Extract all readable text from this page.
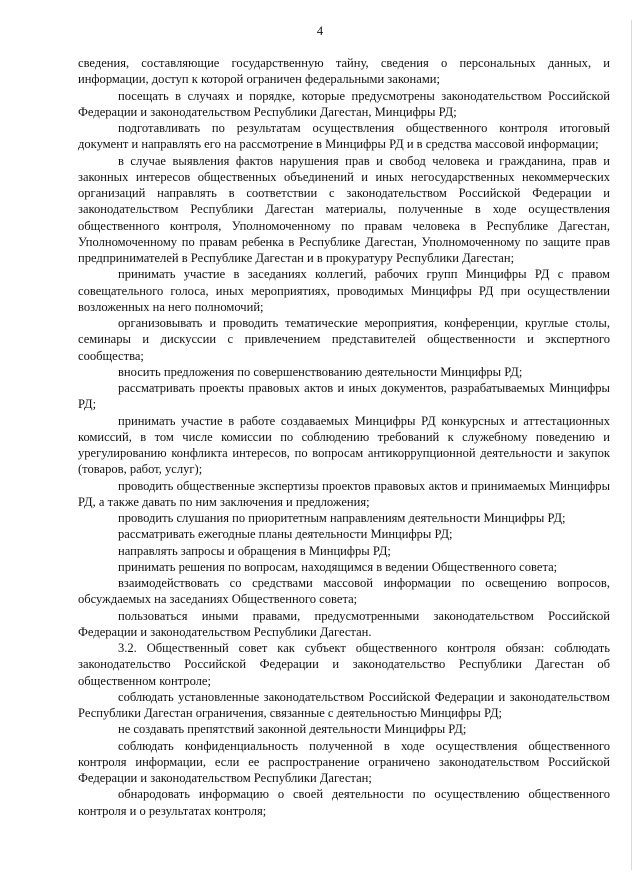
4

сведения, составляющие государственную тайну, сведения о персональных данных, и информации, доступ к которой ограничен федеральными законами;

посещать в случаях и порядке, которые предусмотрены законодательством Российской Федерации и законодательством Республики Дагестан, Минцифры РД;

подготавливать по результатам осуществления общественного контроля итоговый документ и направлять его на рассмотрение в Минцифры РД и в средства массовой информации;

в случае выявления фактов нарушения прав и свобод человека и гражданина, прав и законных интересов общественных объединений и иных негосударственных некоммерческих организаций направлять в соответствии с законодательством Российской Федерации и законодательством Республики Дагестан материалы, полученные в ходе осуществления общественного контроля, Уполномоченному по правам человека в Республике Дагестан, Уполномоченному по правам ребенка в Республике Дагестан, Уполномоченному по защите прав предпринимателей в Республике Дагестан и в прокуратуру Республики Дагестан;

принимать участие в заседаниях коллегий, рабочих групп Минцифры РД с правом совещательного голоса, иных мероприятиях, проводимых Минцифры РД при осуществлении возложенных на него полномочий;

организовывать и проводить тематические мероприятия, конференции, круглые столы, семинары и дискуссии с привлечением представителей общественности и экспертного сообщества;

вносить предложения по совершенствованию деятельности Минцифры РД;

рассматривать проекты правовых актов и иных документов, разрабатываемых Минцифры РД;

принимать участие в работе создаваемых Минцифры РД конкурсных и аттестационных комиссий, в том числе комиссии по соблюдению требований к служебному поведению и урегулированию конфликта интересов, по вопросам антикоррупционной деятельности и закупок (товаров, работ, услуг);

проводить общественные экспертизы проектов правовых актов и принимаемых Минцифры РД, а также давать по ним заключения и предложения;

проводить слушания по приоритетным направлениям деятельности Минцифры РД;

рассматривать ежегодные планы деятельности Минцифры РД;

направлять запросы и обращения в Минцифры РД;

принимать решения по вопросам, находящимся в ведении Общественного совета;

взаимодействовать со средствами массовой информации по освещению вопросов, обсуждаемых на заседаниях Общественного совета;

пользоваться иными правами, предусмотренными законодательством Российской Федерации и законодательством Республики Дагестан.

3.2. Общественный совет как субъект общественного контроля обязан: соблюдать законодательство Российской Федерации и законодательство Республики Дагестан об общественном контроле;

соблюдать установленные законодательством Российской Федерации и законодательством Республики Дагестан ограничения, связанные с деятельностью Минцифры РД;

не создавать препятствий законной деятельности Минцифры РД;

соблюдать конфиденциальность полученной в ходе осуществления общественного контроля информации, если ее распространение ограничено законодательством Российской Федерации и законодательством Республики Дагестан;

обнародовать информацию о своей деятельности по осуществлению общественного контроля и о результатах контроля;
